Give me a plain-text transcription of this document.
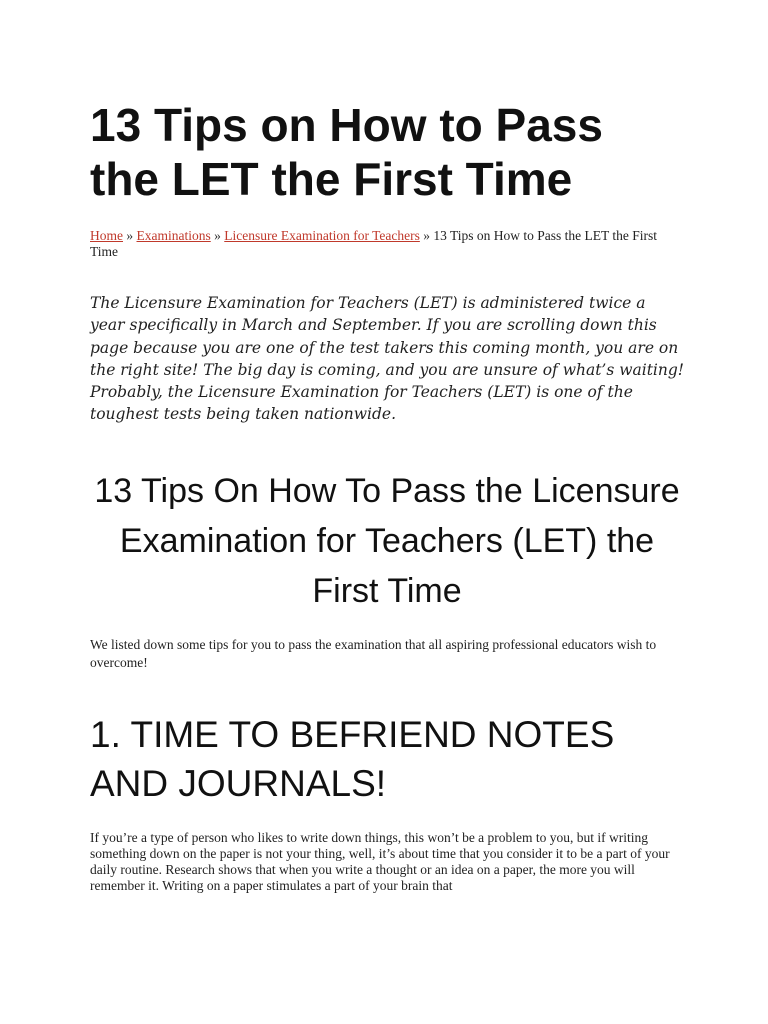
13 Tips on How to Pass the LET the First Time
Home » Examinations » Licensure Examination for Teachers » 13 Tips on How to Pass the LET the First Time

The Licensure Examination for Teachers (LET) is administered twice a year specifically in March and September. If you are scrolling down this page because you are one of the test takers this coming month, you are on the right site! The big day is coming, and you are unsure of what’s waiting! Probably, the Licensure Examination for Teachers (LET) is one of the toughest tests being taken nationwide.

13 Tips On How To Pass the Licensure Examination for Teachers (LET) the First Time

We listed down some tips for you to pass the examination that all aspiring professional educators wish to overcome!

1. TIME TO BEFRIEND NOTES AND JOURNALS!

If you’re a type of person who likes to write down things, this won’t be a problem to you, but if writing something down on the paper is not your thing, well, it’s about time that you consider it to be a part of your daily routine. Research shows that when you write a thought or an idea on a paper, the more you will remember it. Writing on a paper stimulates a part of your brain that
